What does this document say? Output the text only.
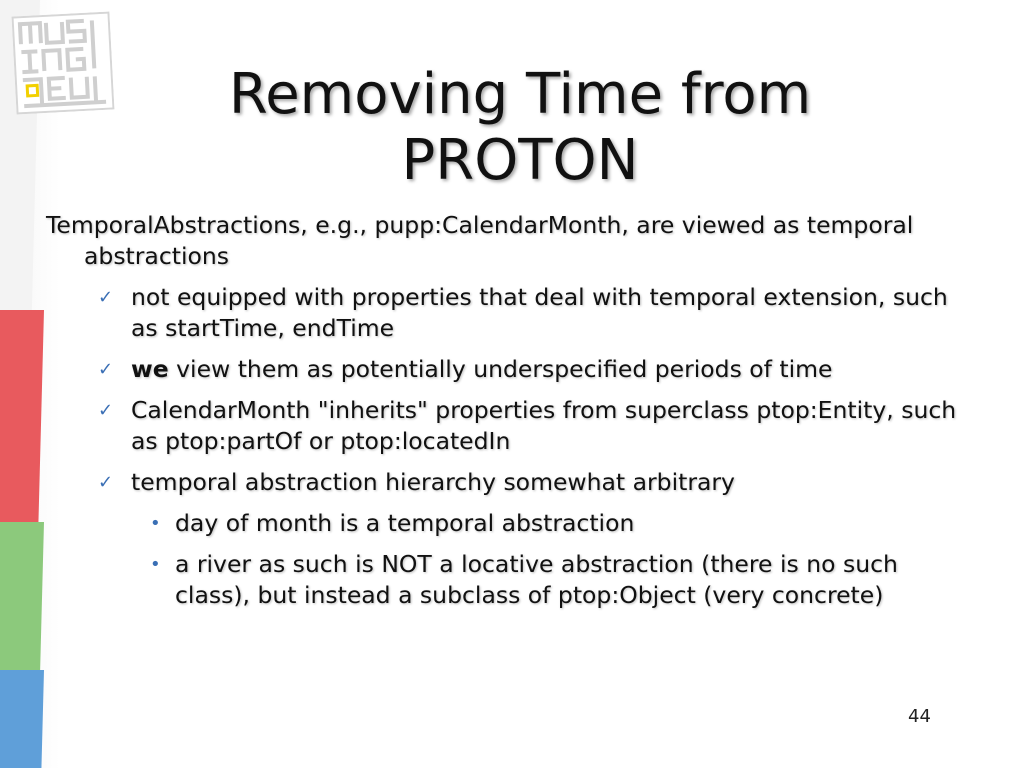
Removing Time from
PROTON

TemporalAbstractions, e.g., pupp:CalendarMonth, are viewed as temporal abstractions

✓ not equipped with properties that deal with temporal extension, such as startTime, endTime

✓ we view them as potentially underspecified periods of time

✓ CalendarMonth "inherits" properties from superclass ptop:Entity, such as ptop:partOf or ptop:locatedIn

✓ temporal abstraction hierarchy somewhat arbitrary

• day of month is a temporal abstraction

• a river as such is NOT a locative abstraction (there is no such class), but instead a subclass of ptop:Object (very concrete)

44
